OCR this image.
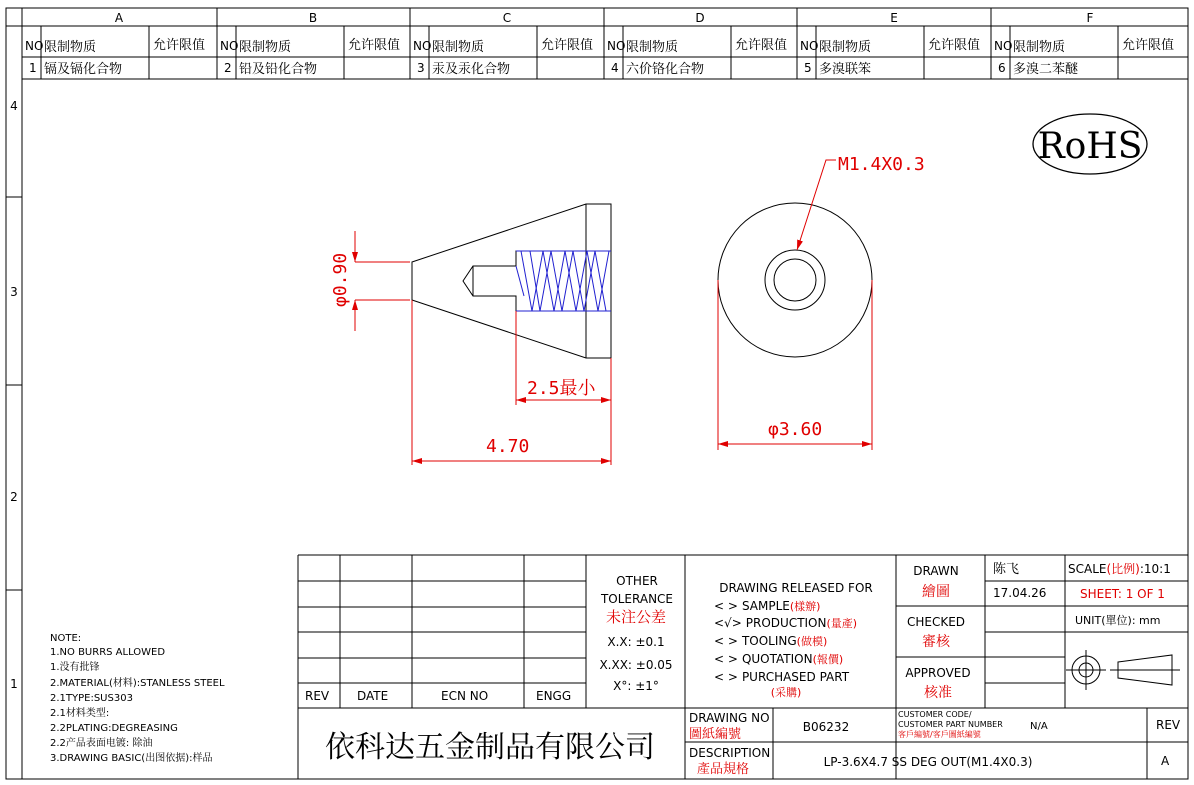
A	B	C	D	E	F
4
3
2
1
NO 限制物质	允许限值
1 镉及镉化合物
NO 限制物质	允许限值
2 铅及铅化合物
NO 限制物质	允许限值
3 汞及汞化合物
NO 限制物质	允许限值
4 六价铬化合物
NO 限制物质	允许限值
5 多溴联笨
NO 限制物质	允许限值
6 多溴二苯醚
RoHS
M1.4X0.3
φ0.90
2.5最小
4.70
φ3.60
NOTE:
1.NO BURRS ALLOWED
1.没有批锋
2.MATERIAL(材料):STANLESS STEEL
2.1TYPE:SUS303
2.1材料类型:
2.2PLATING:DEGREASING
2.2产品表面电镀: 除油
3.DRAWING BASIC(出图依据):样品
REV DATE	ECN NO	ENGG
OTHER
TOLERANCE
未注公差
X.X: ±0.1
X.XX: ±0.05
X°: ±1°
DRAWING RELEASED FOR
< > SAMPLE(樣辦)
<√> PRODUCTION(量產)
< > TOOLING(做模)
< > QUOTATION(報價)
< > PURCHASED PART
(采購)
DRAWN
繪圖
陈飞
17.04.26
CHECKED
審核
APPROVED
核准
SCALE(比例):10:1
SHEET: 1 OF 1
UNIT(單位): mm
依科达五金制品有限公司
DRAWING NO
圖紙編號	B06232
CUSTOMER CODE/
CUSTOMER PART NUMBER
客戶編號/客戶圖紙編號
N/A	REV
A
DESCRIPTION
產品規格	LP-3.6X4.7 SS DEG OUT(M1.4X0.3)
